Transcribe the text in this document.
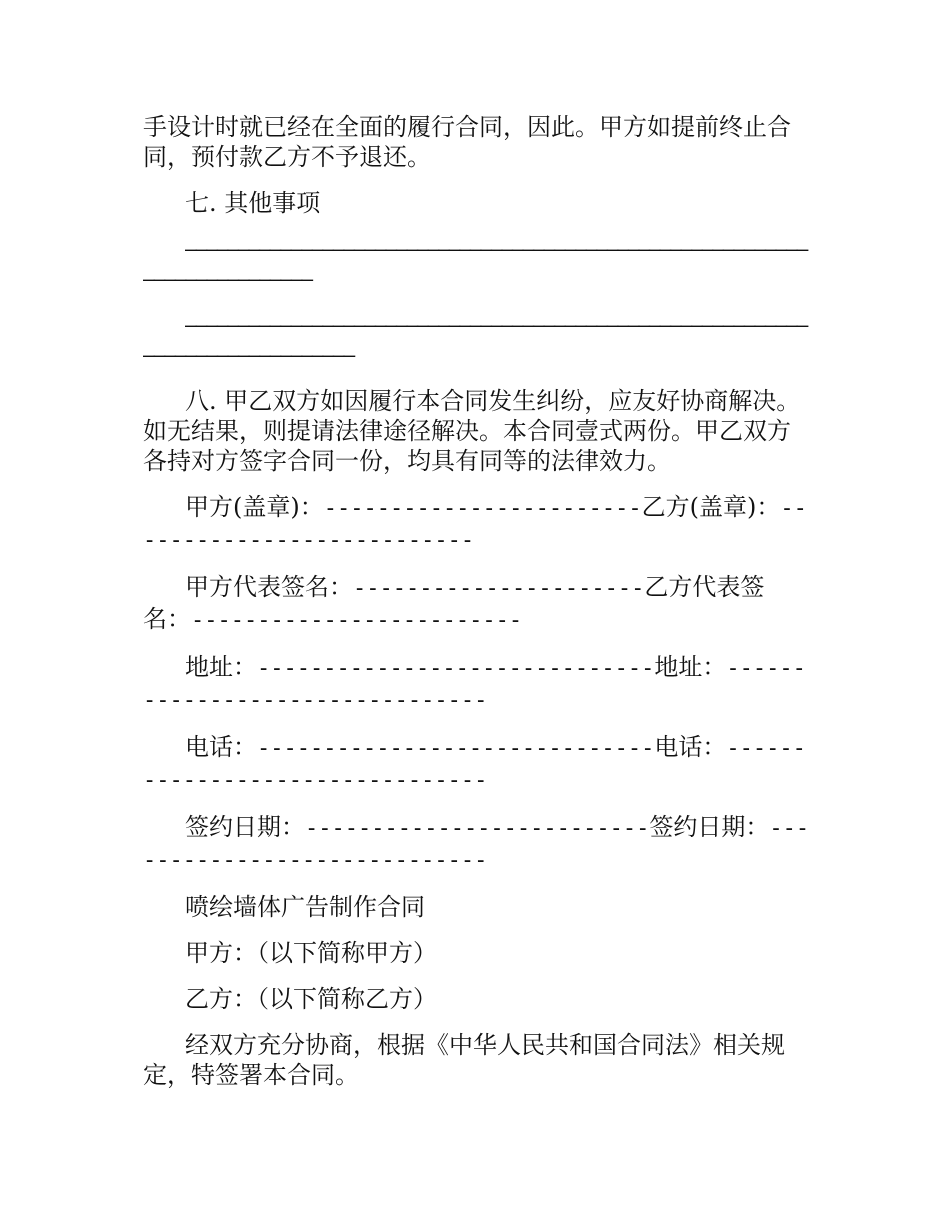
手设计时就已经在全面的履行合同，因此。甲方如提前终止合同，预付款乙方不予退还。

七. 其他事项

———————————————————————————————————————————————————————————————————————————

———————————————————————————————————————————————————————————————————————————————

八. 甲乙双方如因履行本合同发生纠纷，应友好协商解决。如无结果，则提请法律途径解决。本合同壹式两份。甲乙双方各持对方签字合同一份，均具有同等的法律效力。

甲方(盖章)：------------------------乙方(盖章)：---------------------------

甲方代表签名：----------------------乙方代表签名：-------------------------

地址：------------------------------地址：--------------------------------

电话：------------------------------电话：--------------------------------

签约日期：--------------------------签约日期：-----------------------------

喷绘墙体广告制作合同

甲方：（以下简称甲方）

乙方：（以下简称乙方）

经双方充分协商，根据《中华人民共和国合同法》相关规定，特签署本合同。
